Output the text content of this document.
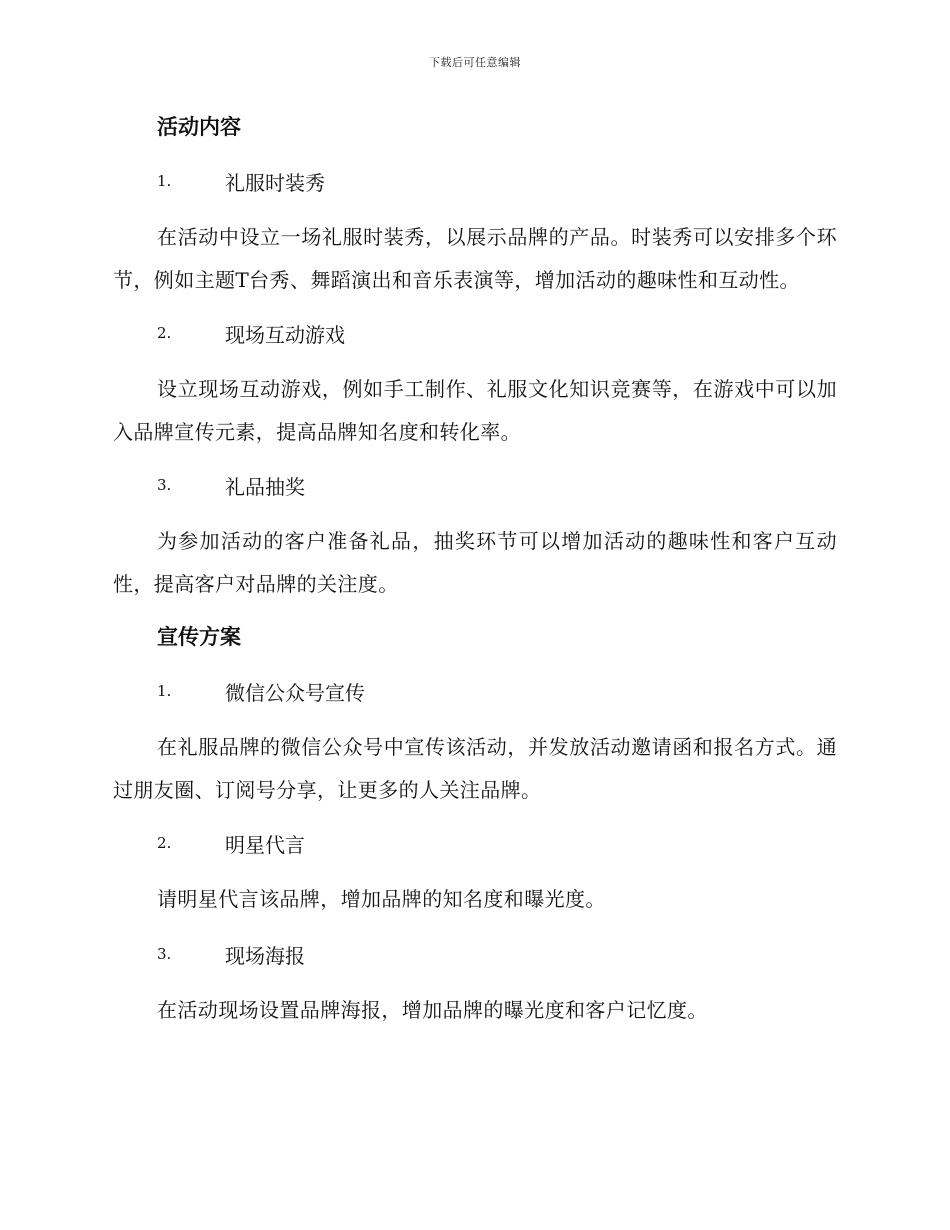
下载后可任意编辑
活动内容
1.	礼服时装秀
在活动中设立一场礼服时装秀，以展示品牌的产品。时装秀可以安排多个环节，例如主题T台秀、舞蹈演出和音乐表演等，增加活动的趣味性和互动性。
2.	现场互动游戏
设立现场互动游戏，例如手工制作、礼服文化知识竞赛等，在游戏中可以加入品牌宣传元素，提高品牌知名度和转化率。
3.	礼品抽奖
为参加活动的客户准备礼品，抽奖环节可以增加活动的趣味性和客户互动性，提高客户对品牌的关注度。
宣传方案
1.	微信公众号宣传
在礼服品牌的微信公众号中宣传该活动，并发放活动邀请函和报名方式。通过朋友圈、订阅号分享，让更多的人关注品牌。
2.	明星代言
请明星代言该品牌，增加品牌的知名度和曝光度。
3.	现场海报
在活动现场设置品牌海报，增加品牌的曝光度和客户记忆度。
